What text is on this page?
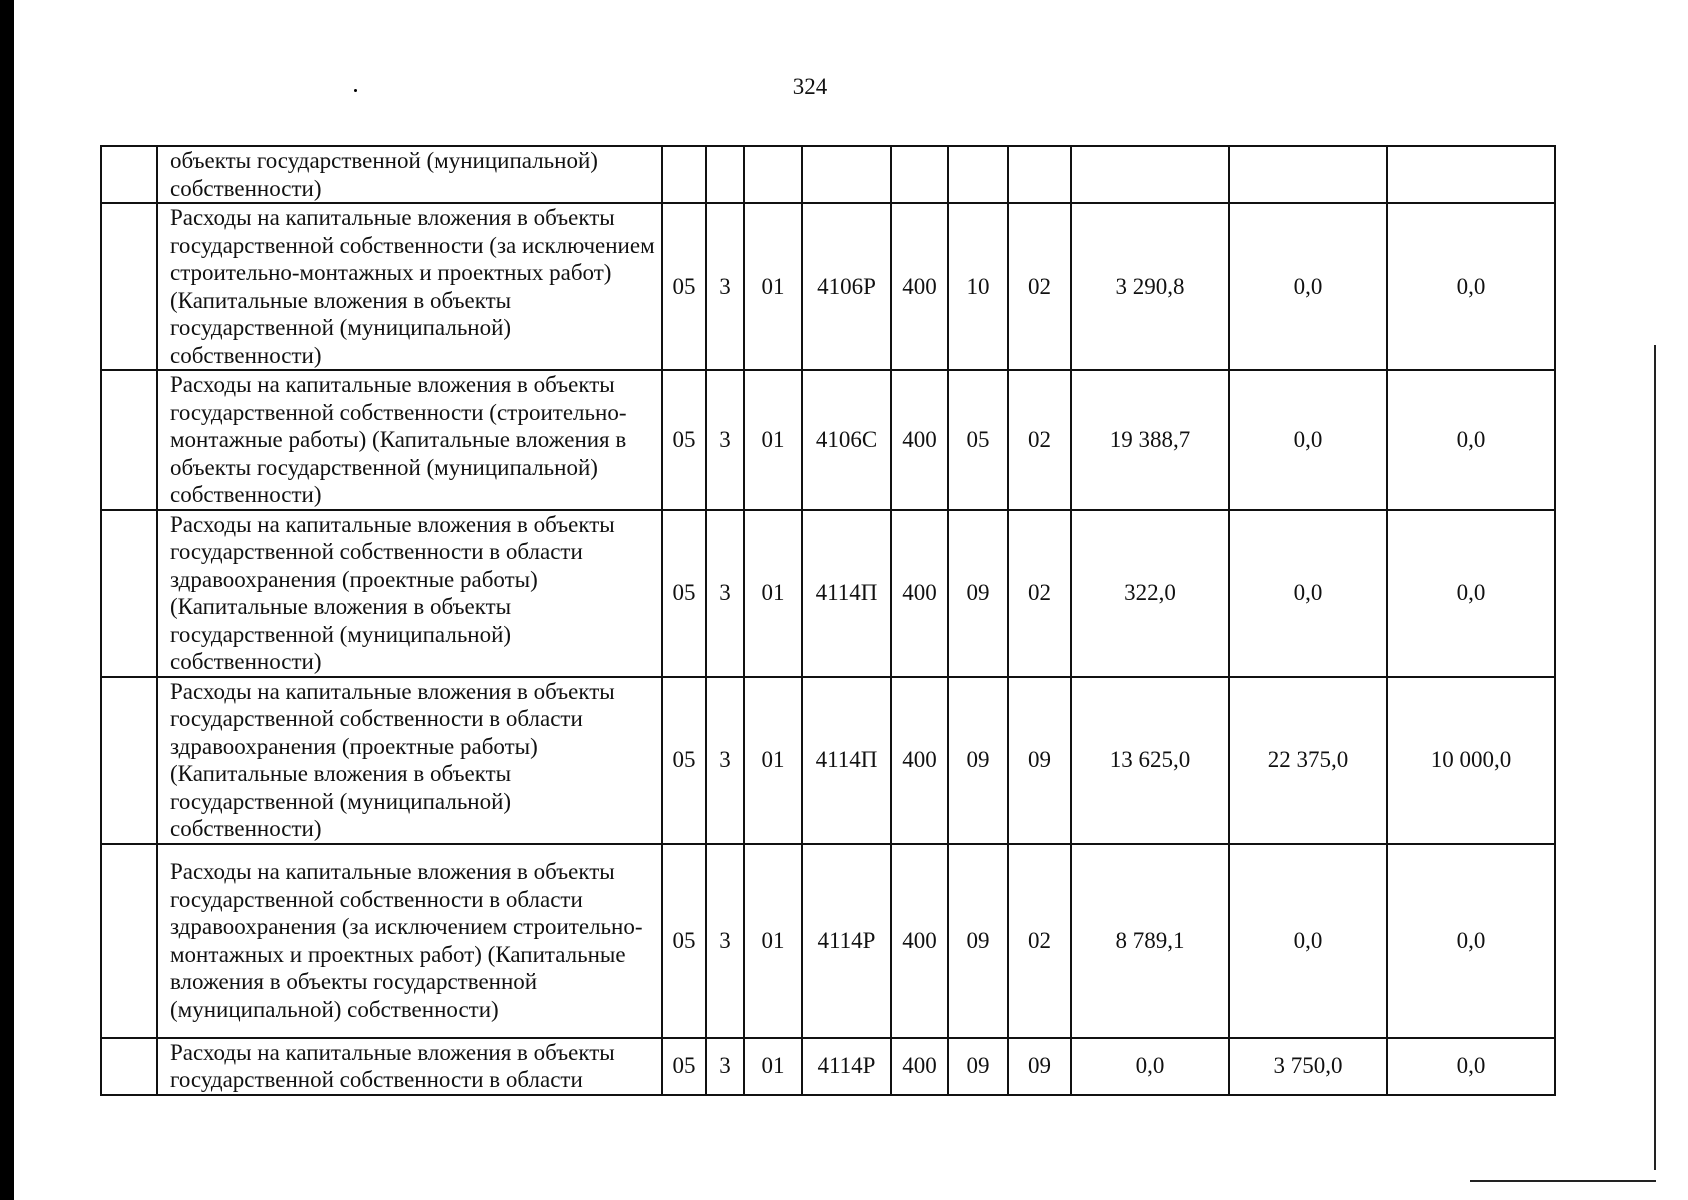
324
	объекты государственной (муниципальной) собственности)										
	Расходы на капитальные вложения в объекты государственной собственности (за исключением строительно-монтажных и проектных работ) (Капитальные вложения в объекты государственной (муниципальной) собственности)	05	3	01	4106Р	400	10	02	3 290,8	0,0	0,0
	Расходы на капитальные вложения в объекты государственной собственности (строительно-монтажные работы) (Капитальные вложения в объекты государственной (муниципальной) собственности)	05	3	01	4106С	400	05	02	19 388,7	0,0	0,0
	Расходы на капитальные вложения в объекты государственной собственности в области здравоохранения (проектные работы) (Капитальные вложения в объекты государственной (муниципальной) собственности)	05	3	01	4114П	400	09	02	322,0	0,0	0,0
	Расходы на капитальные вложения в объекты государственной собственности в области здравоохранения (проектные работы) (Капитальные вложения в объекты государственной (муниципальной) собственности)	05	3	01	4114П	400	09	09	13 625,0	22 375,0	10 000,0
	Расходы на капитальные вложения в объекты государственной собственности в области здравоохранения (за исключением строительно-монтажных и проектных работ) (Капитальные вложения в объекты государственной (муниципальной) собственности)	05	3	01	4114Р	400	09	02	8 789,1	0,0	0,0
	Расходы на капитальные вложения в объекты государственной собственности в области	05	3	01	4114Р	400	09	09	0,0	3 750,0	0,0
